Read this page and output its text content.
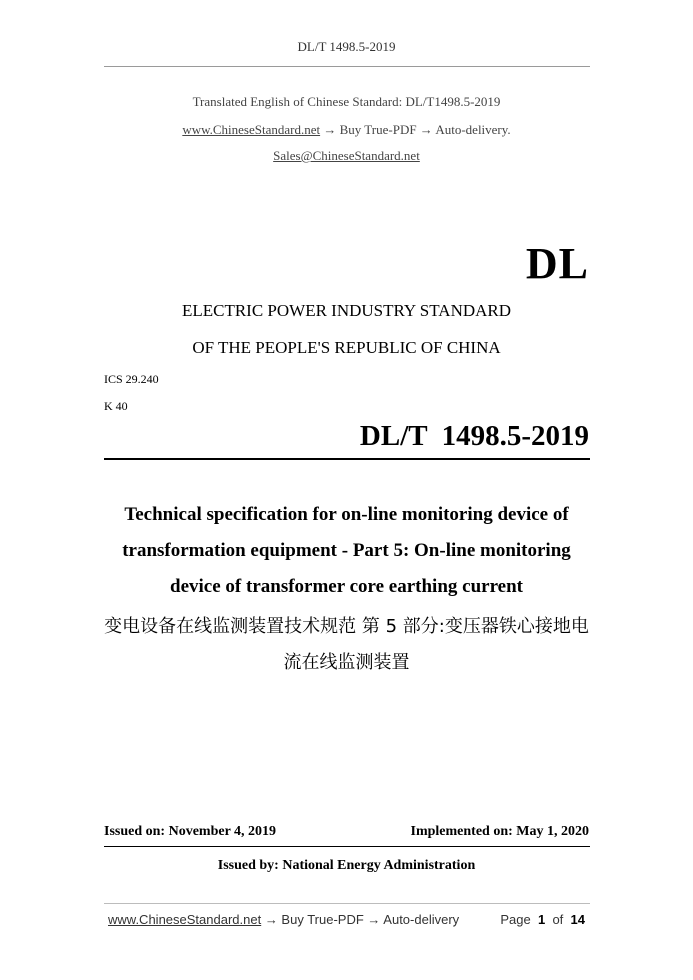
DL/T 1498.5-2019
Translated English of Chinese Standard: DL/T1498.5-2019
www.ChineseStandard.net → Buy True-PDF → Auto-delivery.
Sales@ChineseStandard.net
DL
ELECTRIC POWER INDUSTRY STANDARD
OF THE PEOPLE'S REPUBLIC OF CHINA
ICS 29.240
K 40
DL/T  1498.5-2019
Technical specification for on-line monitoring device of
transformation equipment - Part 5: On-line monitoring
device of transformer core earthing current
变电设备在线监测装置技术规范 第 5 部分:变压器铁心接地电
流在线监测装置
Issued on: November 4, 2019	Implemented on: May 1, 2020
Issued by: National Energy Administration
www.ChineseStandard.net → Buy True-PDF → Auto-delivery	Page 1 of 14
